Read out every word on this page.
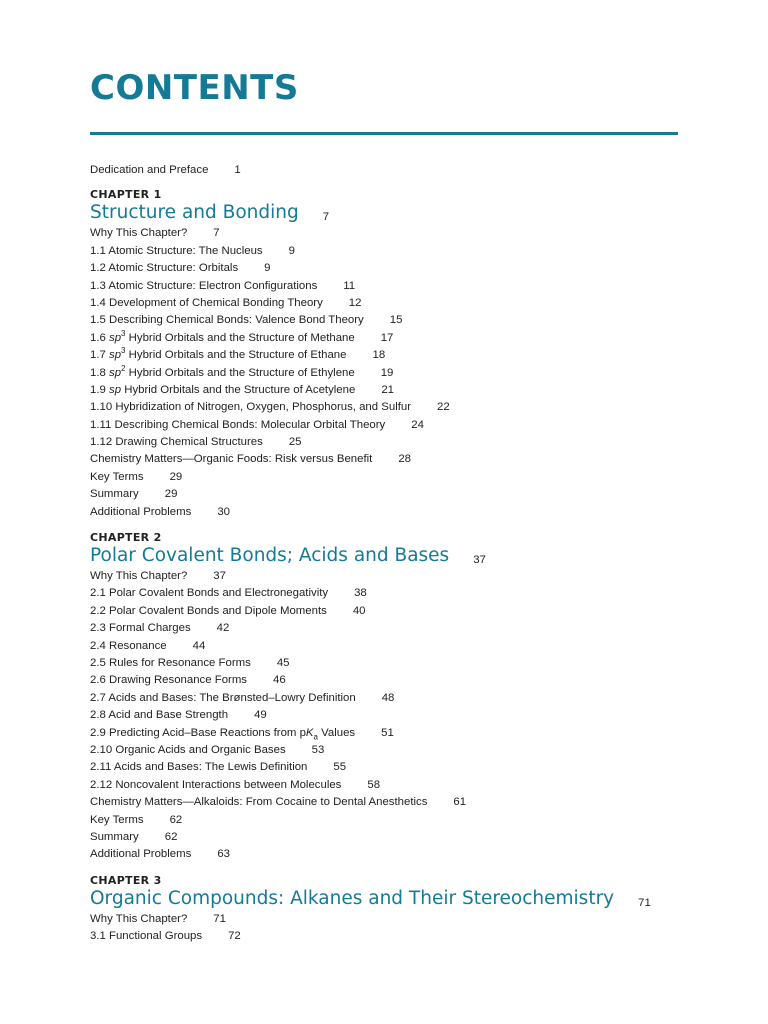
CONTENTS
Dedication and Preface 1
CHAPTER 1
Structure and Bonding 7
Why This Chapter? 7
1.1 Atomic Structure: The Nucleus 9
1.2 Atomic Structure: Orbitals 9
1.3 Atomic Structure: Electron Configurations 11
1.4 Development of Chemical Bonding Theory 12
1.5 Describing Chemical Bonds: Valence Bond Theory 15
1.6 $sp^3$ Hybrid Orbitals and the Structure of Methane 17
1.7 $sp^3$ Hybrid Orbitals and the Structure of Ethane 18
1.8 $sp^2$ Hybrid Orbitals and the Structure of Ethylene 19
1.9 sp Hybrid Orbitals and the Structure of Acetylene 21
1.10 Hybridization of Nitrogen, Oxygen, Phosphorus, and Sulfur 22
1.11 Describing Chemical Bonds: Molecular Orbital Theory 24
1.12 Drawing Chemical Structures 25
Chemistry Matters—Organic Foods: Risk versus Benefit 28
Key Terms 29
Summary 29
Additional Problems 30
CHAPTER 2
Polar Covalent Bonds; Acids and Bases 37
Why This Chapter? 37
2.1 Polar Covalent Bonds and Electronegativity 38
2.2 Polar Covalent Bonds and Dipole Moments 40
2.3 Formal Charges 42
2.4 Resonance 44
2.5 Rules for Resonance Forms 45
2.6 Drawing Resonance Forms 46
2.7 Acids and Bases: The Brønsted–Lowry Definition 48
2.8 Acid and Base Strength 49
2.9 Predicting Acid–Base Reactions from $pK_a$ Values 51
2.10 Organic Acids and Organic Bases 53
2.11 Acids and Bases: The Lewis Definition 55
2.12 Noncovalent Interactions between Molecules 58
Chemistry Matters—Alkaloids: From Cocaine to Dental Anesthetics 61
Key Terms 62
Summary 62
Additional Problems 63
CHAPTER 3
Organic Compounds: Alkanes and Their Stereochemistry 71
Why This Chapter? 71
3.1 Functional Groups 72
